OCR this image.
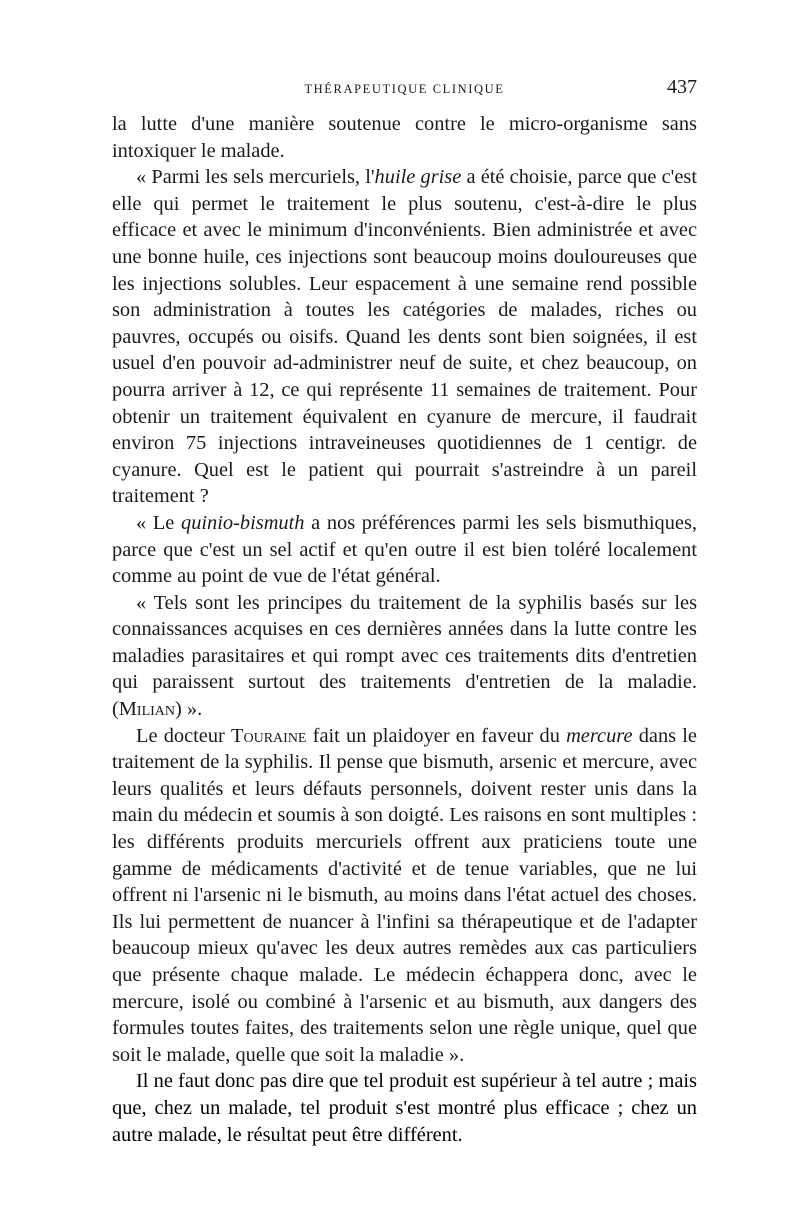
THÉRAPEUTIQUE CLINIQUE	437

la lutte d'une manière soutenue contre le micro-organisme sans intoxiquer le malade.

« Parmi les sels mercuriels, l'huile grise a été choisie, parce que c'est elle qui permet le traitement le plus soutenu, c'est-à-dire le plus efficace et avec le minimum d'inconvénients. Bien administrée et avec une bonne huile, ces injections sont beaucoup moins douloureuses que les injections solubles. Leur espacement à une semaine rend possible son administration à toutes les catégories de malades, riches ou pauvres, occupés ou oisifs. Quand les dents sont bien soignées, il est usuel d'en pouvoir ad-administrer neuf de suite, et chez beaucoup, on pourra arriver à 12, ce qui représente 11 semaines de traitement. Pour obtenir un traitement équivalent en cyanure de mercure, il faudrait environ 75 injections intraveineuses quotidiennes de 1 centigr. de cyanure. Quel est le patient qui pourrait s'astreindre à un pareil traitement ?

« Le quinio-bismuth a nos préférences parmi les sels bismuthiques, parce que c'est un sel actif et qu'en outre il est bien toléré localement comme au point de vue de l'état général.

« Tels sont les principes du traitement de la syphilis basés sur les connaissances acquises en ces dernières années dans la lutte contre les maladies parasitaires et qui rompt avec ces traitements dits d'entretien qui paraissent surtout des traitements d'entretien de la maladie. (Milian) ».

Le docteur Touraine fait un plaidoyer en faveur du mercure dans le traitement de la syphilis. Il pense que bismuth, arsenic et mercure, avec leurs qualités et leurs défauts personnels, doivent rester unis dans la main du médecin et soumis à son doigté. Les raisons en sont multiples : les différents produits mercuriels offrent aux praticiens toute une gamme de médicaments d'activité et de tenue variables, que ne lui offrent ni l'arsenic ni le bismuth, au moins dans l'état actuel des choses. Ils lui permettent de nuancer à l'infini sa thérapeutique et de l'adapter beaucoup mieux qu'avec les deux autres remèdes aux cas particuliers que présente chaque malade. Le médecin échappera donc, avec le mercure, isolé ou combiné à l'arsenic et au bismuth, aux dangers des formules toutes faites, des traitements selon une règle unique, quel que soit le malade, quelle que soit la maladie ».

Il ne faut donc pas dire que tel produit est supérieur à tel autre ; mais que, chez un malade, tel produit s'est montré plus efficace ; chez un autre malade, le résultat peut être différent.
